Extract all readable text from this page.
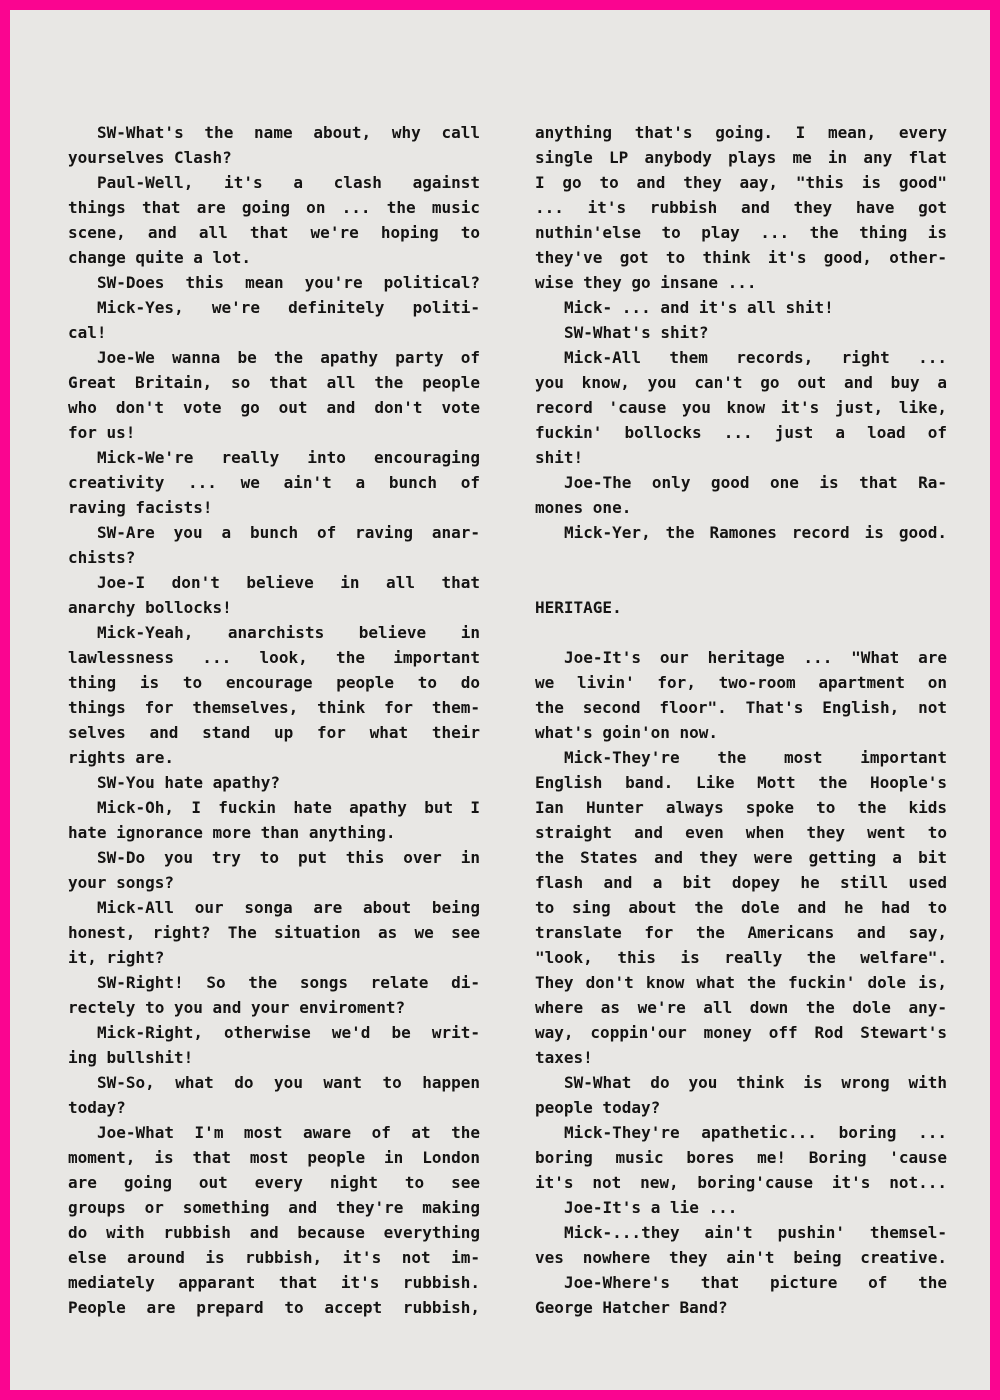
SW-What's the name about, why call
yourselves Clash?
Paul-Well, it's a clash against
things that are going on ... the music
scene, and all that we're hoping to
change quite a lot.
SW-Does this mean you're political?
Mick-Yes, we're definitely politi-
cal!
Joe-We wanna be the apathy party of
Great Britain, so that all the people
who don't vote go out and don't vote
for us!
Mick-We're really into encouraging
creativity ... we ain't a bunch of
raving facists!
SW-Are you a bunch of raving anar-
chists?
Joe-I don't believe in all that
anarchy bollocks!
Mick-Yeah, anarchists believe in
lawlessness ... look, the important
thing is to encourage people to do
things for themselves, think for them-
selves and stand up for what their
rights are.
SW-You hate apathy?
Mick-Oh, I fuckin hate apathy but I
hate ignorance more than anything.
SW-Do you try to put this over in
your songs?
Mick-All our songa are about being
honest, right? The situation as we see
it, right?
SW-Right! So the songs relate di-
rectely to you and your enviroment?
Mick-Right, otherwise we'd be writ-
ing bullshit!
SW-So, what do you want to happen
today?
Joe-What I'm most aware of at the
moment, is that most people in London
are going out every night to see
groups or something and they're making
do with rubbish and because everything
else around is rubbish, it's not im-
mediately apparant that it's rubbish.
People are prepard to accept rubbish,
anything that's going. I mean, every
single LP anybody plays me in any flat
I go to and they aay, "this is good"
... it's rubbish and they have got
nuthin'else to play ... the thing is
they've got to think it's good, other-
wise they go insane ...
Mick- ... and it's all shit!
SW-What's shit?
Mick-All them records, right ...
you know, you can't go out and buy a
record 'cause you know it's just, like,
fuckin' bollocks ... just a load of
shit!
Joe-The only good one is that Ra-
mones one.
Mick-Yer, the Ramones record is good.
HERITAGE.
Joe-It's our heritage ... "What are
we livin' for, two-room apartment on
the second floor". That's English, not
what's goin'on now.
Mick-They're the most important
English band. Like Mott the Hoople's
Ian Hunter always spoke to the kids
straight and even when they went to
the States and they were getting a bit
flash and a bit dopey he still used
to sing about the dole and he had to
translate for the Americans and say,
"look, this is really the welfare".
They don't know what the fuckin' dole is,
where as we're all down the dole any-
way, coppin'our money off Rod Stewart's
taxes!
SW-What do you think is wrong with
people today?
Mick-They're apathetic... boring ...
boring music bores me! Boring 'cause
it's not new, boring'cause it's not...
Joe-It's a lie ...
Mick-...they ain't pushin' themsel-
ves nowhere they ain't being creative.
Joe-Where's that picture of the
George Hatcher Band?
